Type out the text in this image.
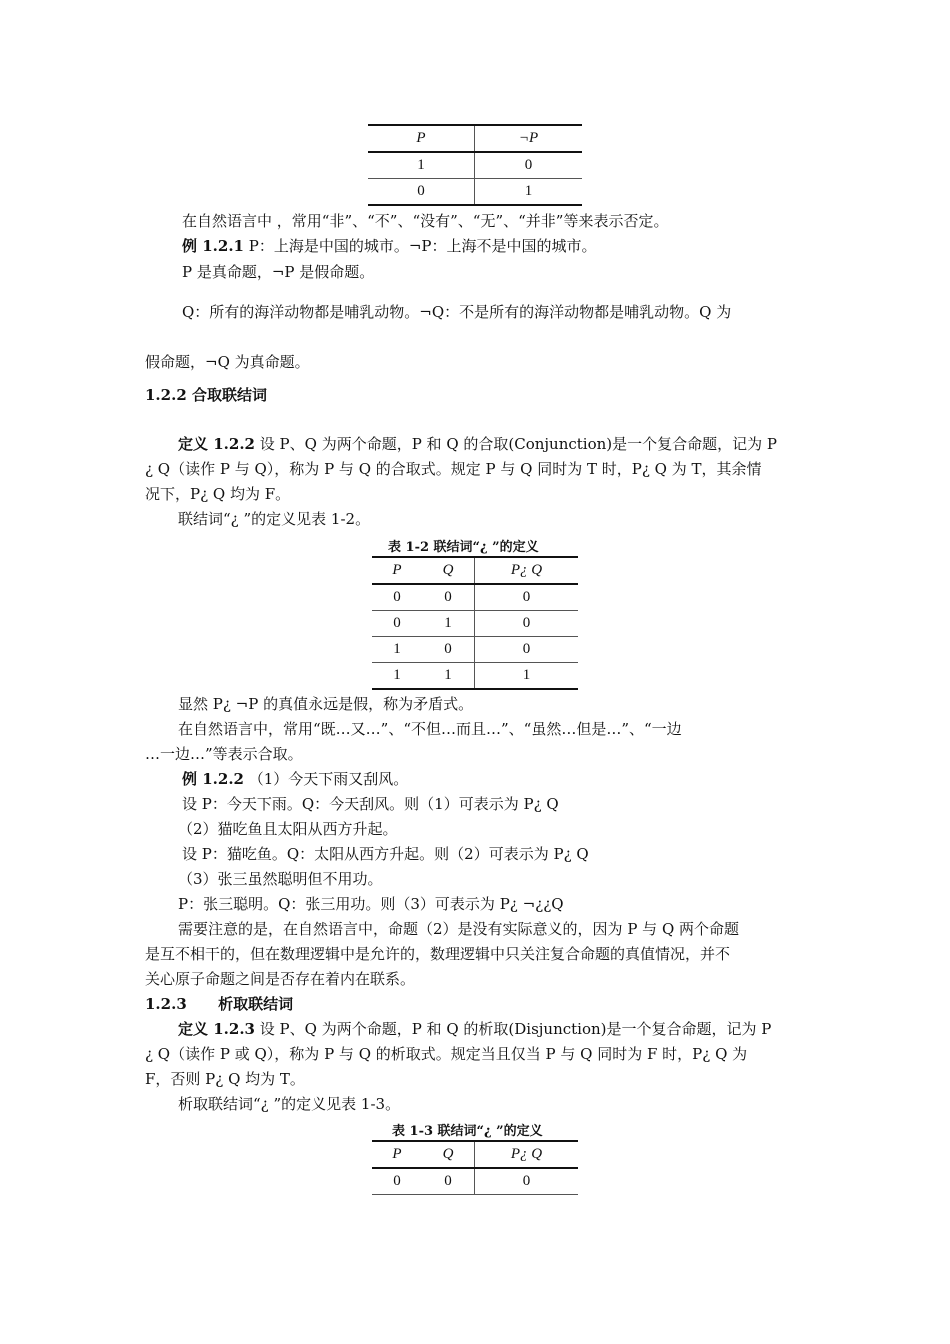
P	¬P
1	0
0	1
在自然语言中 ，常用“非”、“不”、“没有”、“无”、“并非”等来表示否定。
例 1.2.1 P：上海是中国的城市。¬P：上海不是中国的城市。
P 是真命题，¬P 是假命题。
Q：所有的海洋动物都是哺乳动物。¬Q：不是所有的海洋动物都是哺乳动物。Q 为
假命题，¬Q 为真命题。
1.2.2 合取联结词
定义 1.2.2 设 P、Q 为两个命题，P 和 Q 的合取(Conjunction)是一个复合命题，记为 P
¿ Q（读作 P 与 Q），称为 P 与 Q 的合取式。规定 P 与 Q 同时为 T 时，P¿ Q 为 T，其余情
况下，P¿ Q 均为 F。
联结词“¿ ”的定义见表 1-2。
表 1-2 联结词“¿ ”的定义
P	Q	P¿ Q
0	0	0
0	1	0
1	0	0
1	1	1
显然 P¿ ¬P 的真值永远是假，称为矛盾式。
在自然语言中，常用“既…又…”、“不但…而且…”、“虽然…但是…”、“一边
…一边…”等表示合取。
例 1.2.2 （1）今天下雨又刮风。
设 P：今天下雨。Q：今天刮风。则（1）可表示为 P¿ Q
（2）猫吃鱼且太阳从西方升起。
设 P：猫吃鱼。Q：太阳从西方升起。则（2）可表示为 P¿ Q
（3）张三虽然聪明但不用功。
P：张三聪明。Q：张三用功。则（3）可表示为 P¿ ¬¿¿Q
需要注意的是，在自然语言中，命题（2）是没有实际意义的，因为 P 与 Q 两个命题
是互不相干的，但在数理逻辑中是允许的，数理逻辑中只关注复合命题的真值情况，并不
关心原子命题之间是否存在着内在联系。
1.2.3      析取联结词
定义 1.2.3 设 P、Q 为两个命题，P 和 Q 的析取(Disjunction)是一个复合命题，记为 P
¿ Q（读作 P 或 Q），称为 P 与 Q 的析取式。规定当且仅当 P 与 Q 同时为 F 时，P¿ Q 为
F，否则 P¿ Q 均为 T。
析取联结词“¿ ”的定义见表 1-3。
表 1-3 联结词“¿ ”的定义
P	Q	P¿ Q
0	0	0
